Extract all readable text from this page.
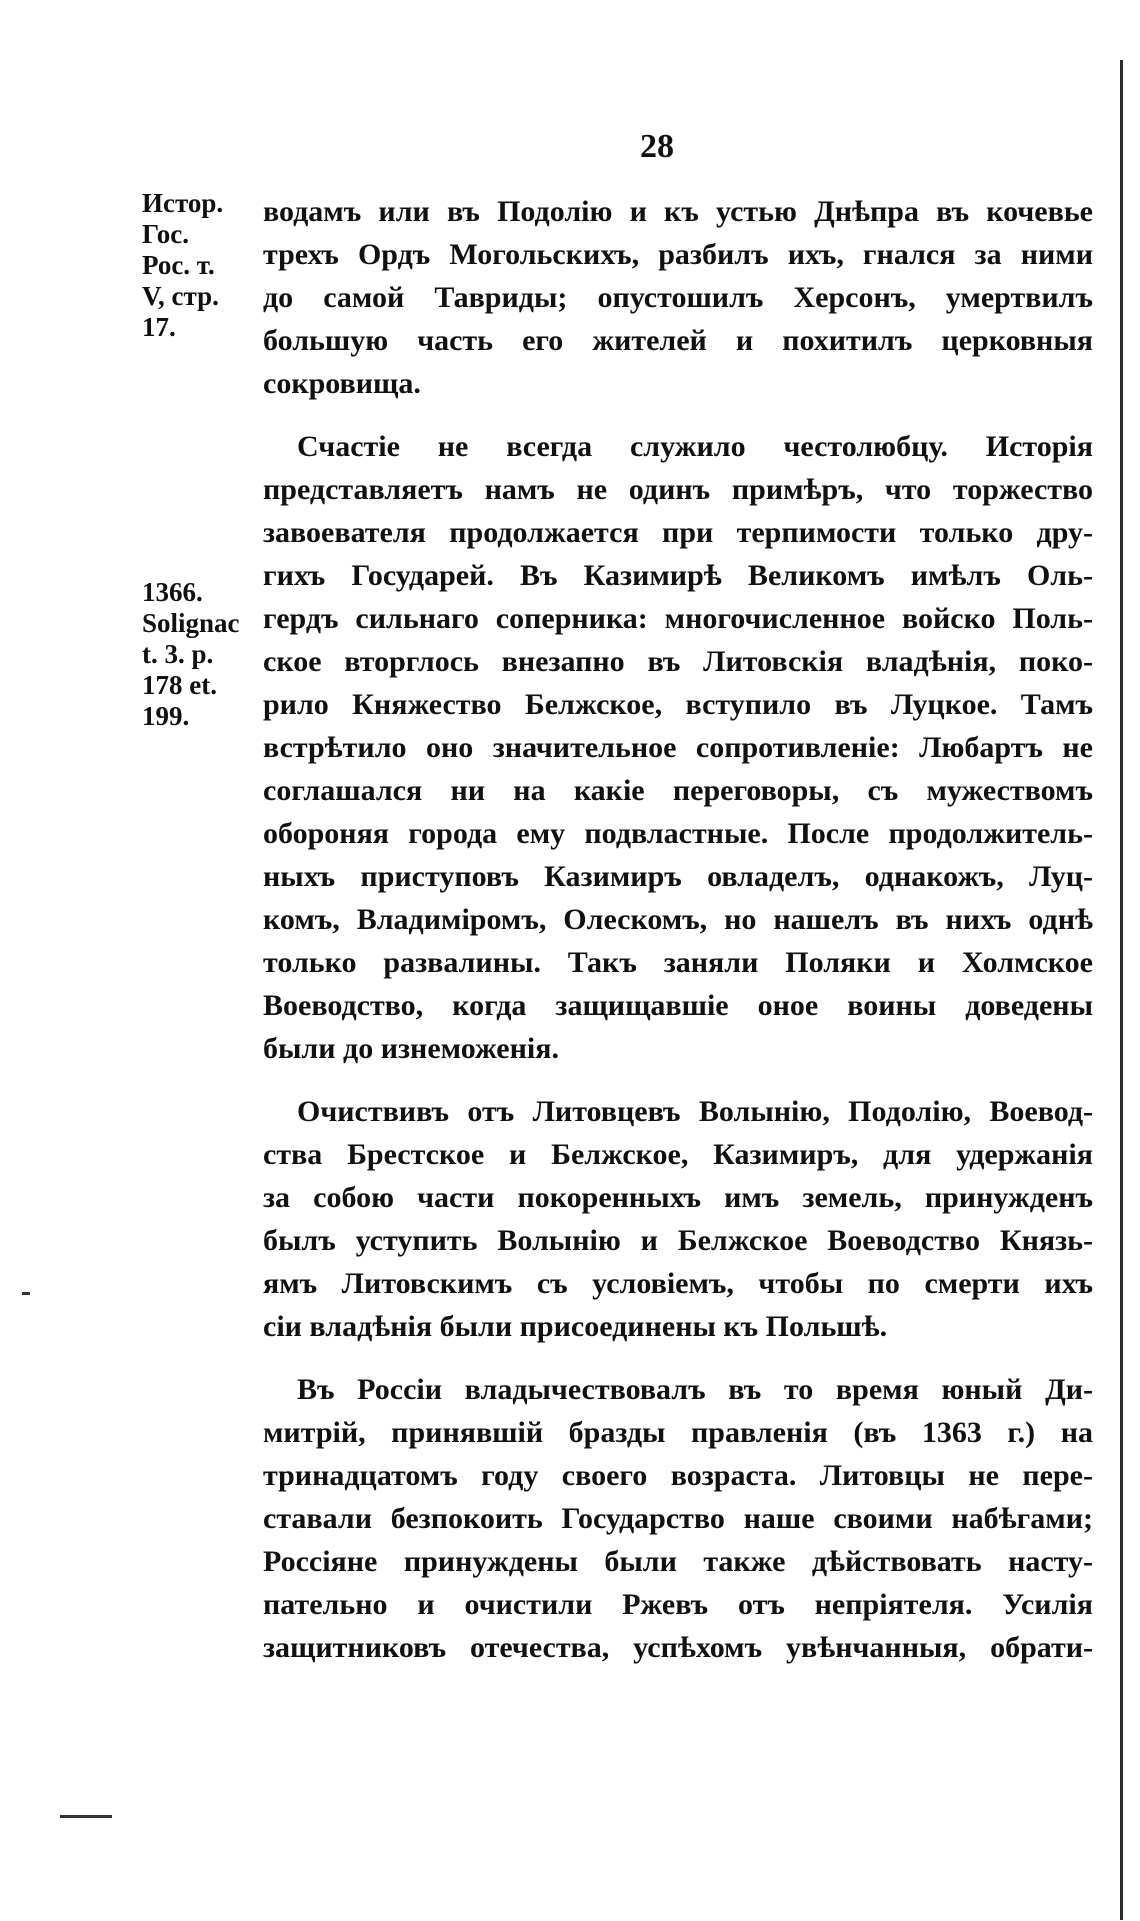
28
Истор.
Гос.
Рос. т.
V, стр.
17.
1366.
Solignac
t. 3. p.
178 et.
199.

водамъ или въ Подолію и къ устью Днѣпра въ кочевье
трехъ Ордъ Могольскихъ, разбилъ ихъ, гнался за ними
до самой Тавриды; опустошилъ Херсонъ, умертвилъ
большую часть его жителей и похитилъ церковныя
сокровища.

Счастіе не всегда служило честолюбцу. Исторія
представляетъ намъ не одинъ примѣръ, что торжество
завоевателя продолжается при терпимости только дру-
гихъ Государей. Въ Казимирѣ Великомъ имѣлъ Оль-
гердъ сильнаго соперника: многочисленное войско Поль-
ское вторглось внезапно въ Литовскія владѣнія, поко-
рило Княжество Белжское, вступило въ Луцкое. Тамъ
встрѣтило оно значительное сопротивленіе: Любартъ не
соглашался ни на какіе переговоры, съ мужествомъ
обороняя города ему подвластные. После продолжитель-
ныхъ приступовъ Казимиръ овладелъ, однакожъ, Луц-
комъ, Владиміромъ, Олескомъ, но нашелъ въ нихъ однѣ
только развалины. Такъ заняли Поляки и Холмское
Воеводство, когда защищавшіе оное воины доведены
были до изнеможенія.

Очиствивъ отъ Литовцевъ Волынію, Подолію, Воевод-
ства Брестское и Белжское, Казимиръ, для удержанія
за собою части покоренныхъ имъ земель, принужденъ
былъ уступить Волынію и Белжское Воеводство Князь-
ямъ Литовскимъ съ условіемъ, чтобы по смерти ихъ
сіи владѣнія были присоединены къ Польшѣ.

Въ Россіи владычествовалъ въ то время юный Ди-
митрій, принявшій бразды правленія (въ 1363 г.) на
тринадцатомъ году своего возраста. Литовцы не пере-
ставали безпокоить Государство наше своими набѣгами;
Россіяне принуждены были также дѣйствовать насту-
пательно и очистили Ржевъ отъ непріятеля. Усилія
защитниковъ отечества, успѣхомъ увѣнчанныя, обрати-
